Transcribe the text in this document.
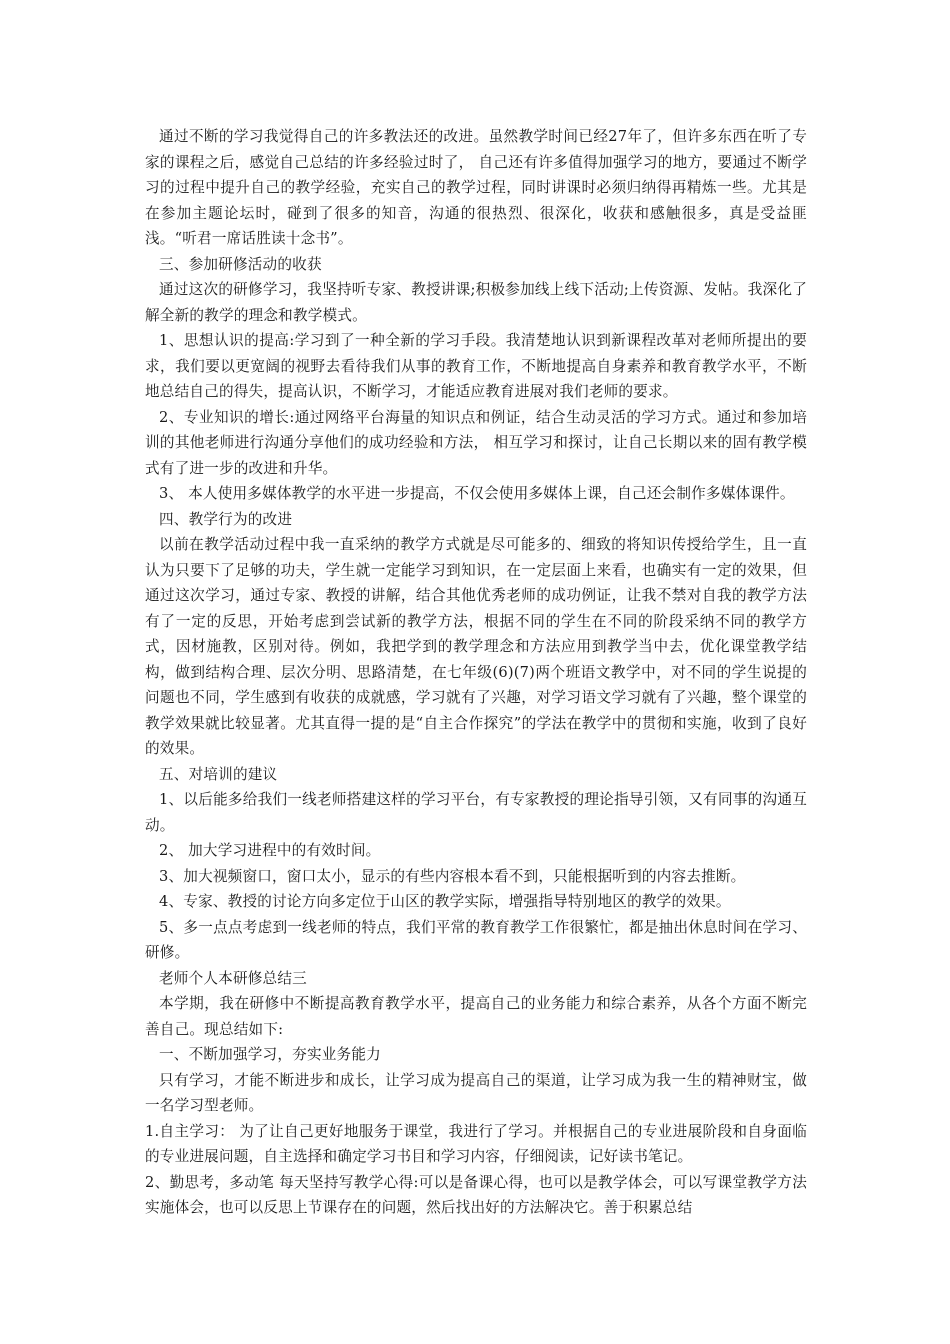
通过不断的学习我觉得自己的许多教法还的改进。虽然教学时间已经27年了，但许多东西在听了专家的课程之后，感觉自己总结的许多经验过时了， 自己还有许多值得加强学习的地方，要通过不断学习的过程中提升自己的教学经验，充实自己的教学过程，同时讲课时必须归纳得再精炼一些。尤其是在参加主题论坛时，碰到了很多的知音，沟通的很热烈、很深化，收获和感触很多，真是受益匪浅。“听君一席话胜读十念书”。

三、参加研修活动的收获

通过这次的研修学习，我坚持听专家、教授讲课;积极参加线上线下活动;上传资源、发帖。我深化了解全新的教学的理念和教学模式。

1、思想认识的提高:学习到了一种全新的学习手段。我清楚地认识到新课程改革对老师所提出的要求，我们要以更宽阔的视野去看待我们从事的教育工作，不断地提高自身素养和教育教学水平，不断地总结自己的得失，提高认识，不断学习，才能适应教育进展对我们老师的要求。

2、专业知识的增长:通过网络平台海量的知识点和例证，结合生动灵活的学习方式。通过和参加培训的其他老师进行沟通分享他们的成功经验和方法， 相互学习和探讨，让自己长期以来的固有教学模式有了进一步的改进和升华。

3、 本人使用多媒体教学的水平进一步提高，不仅会使用多媒体上课，自己还会制作多媒体课件。

四、教学行为的改进

以前在教学活动过程中我一直采纳的教学方式就是尽可能多的、细致的将知识传授给学生，且一直认为只要下了足够的功夫，学生就一定能学习到知识，在一定层面上来看，也确实有一定的效果，但通过这次学习，通过专家、教授的讲解，结合其他优秀老师的成功例证，让我不禁对自我的教学方法有了一定的反思，开始考虑到尝试新的教学方法，根据不同的学生在不同的阶段采纳不同的教学方式，因材施教，区别对待。例如，我把学到的教学理念和方法应用到教学当中去，优化课堂教学结构，做到结构合理、层次分明、思路清楚，在七年级(6)(7)两个班语文教学中，对不同的学生说提的问题也不同，学生感到有收获的成就感，学习就有了兴趣，对学习语文学习就有了兴趣，整个课堂的教学效果就比较显著。尤其直得一提的是“自主合作探究”的学法在教学中的贯彻和实施，收到了良好的效果。

五、对培训的建议

1、以后能多给我们一线老师搭建这样的学习平台，有专家教授的理论指导引领，又有同事的沟通互动。

2、 加大学习进程中的有效时间。

3、加大视频窗口，窗口太小，显示的有些内容根本看不到，只能根据听到的内容去推断。

4、专家、教授的讨论方向多定位于山区的教学实际，增强指导特别地区的教学的效果。

5、多一点点考虑到一线老师的特点，我们平常的教育教学工作很繁忙，都是抽出休息时间在学习、研修。

老师个人本研修总结三

本学期，我在研修中不断提高教育教学水平，提高自己的业务能力和综合素养，从各个方面不断完善自己。现总结如下:

一、不断加强学习，夯实业务能力

只有学习，才能不断进步和成长，让学习成为提高自己的渠道，让学习成为我一生的精神财宝，做一名学习型老师。

1.自主学习： 为了让自己更好地服务于课堂，我进行了学习。并根据自己的专业进展阶段和自身面临的专业进展问题，自主选择和确定学习书目和学习内容，仔细阅读，记好读书笔记。

2、勤思考，多动笔 每天坚持写教学心得:可以是备课心得，也可以是教学体会，可以写课堂教学方法实施体会，也可以反思上节课存在的问题，然后找出好的方法解决它。善于积累总结
